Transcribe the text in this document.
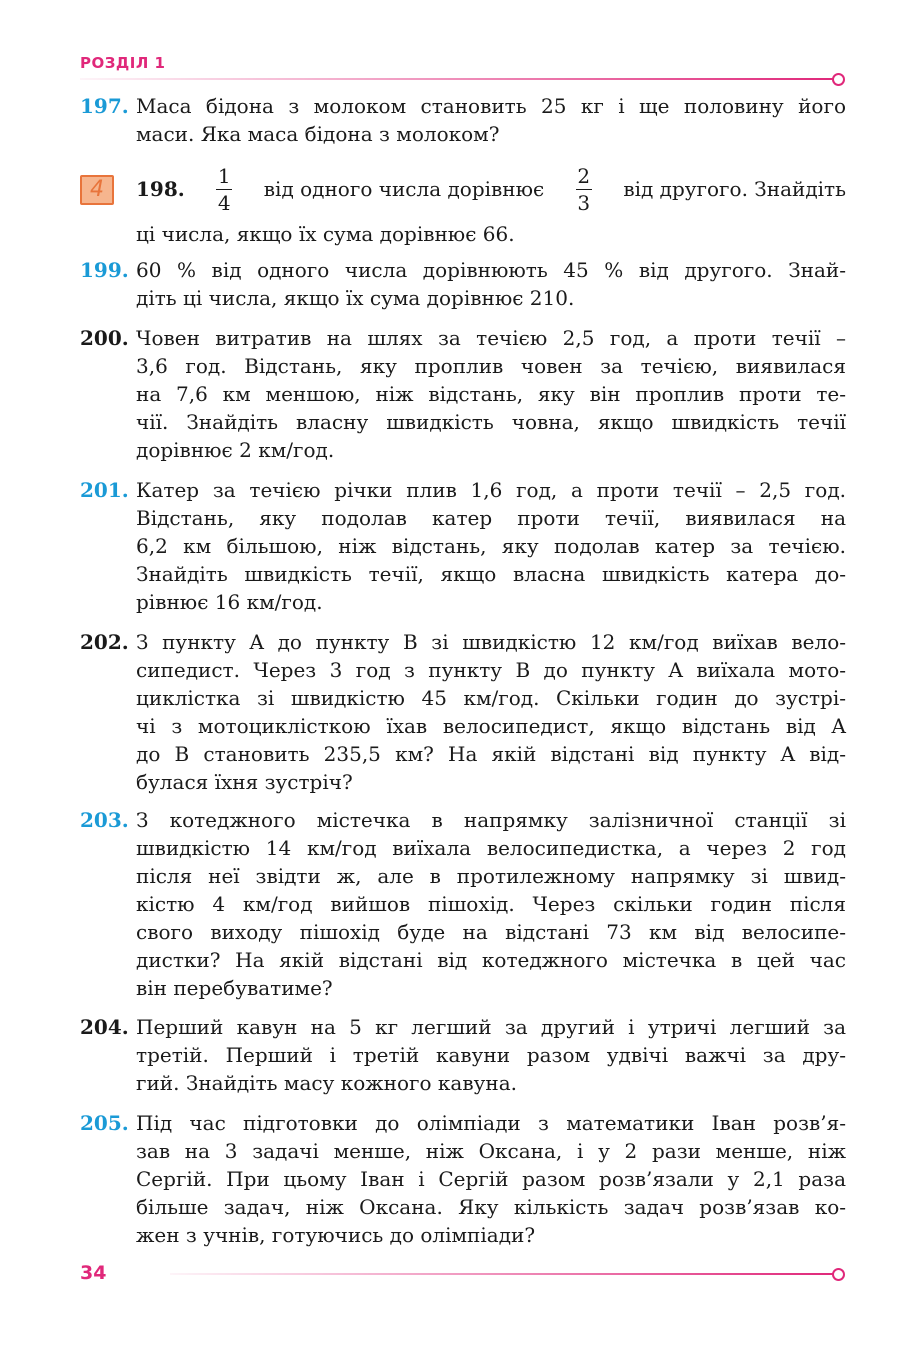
РОЗДІЛ 1
197. Маса бідона з молоком становить 25 кг і ще половину його
маси. Яка маса бідона з молоком?
4	198. $\frac{1}{4}$ від одного числа дорівнює $\frac{2}{3}$ від другого. Знайдіть
ці числа, якщо їх сума дорівнює 66.
199. 60 % від одного числа дорівнюють 45 % від другого. Знай-
діть ці числа, якщо їх сума дорівнює 210.
200. Човен витратив на шлях за течією 2,5 год, а проти течії –
3,6 год. Відстань, яку проплив човен за течією, виявилася
на 7,6 км меншою, ніж відстань, яку він проплив проти те-
чії. Знайдіть власну швидкість човна, якщо швидкість течії
дорівнює 2 км/год.
201. Катер за течією річки плив 1,6 год, а проти течії – 2,5 год.
Відстань, яку подолав катер проти течії, виявилася на
6,2 км більшою, ніж відстань, яку подолав катер за течією.
Знайдіть швидкість течії, якщо власна швидкість катера до-
рівнює 16 км/год.
202. З пункту A до пункту B зі швидкістю 12 км/год виїхав вело-
сипедист. Через 3 год з пункту B до пункту A виїхала мото-
циклістка зі швидкістю 45 км/год. Скільки годин до зустрі-
чі з мотоциклісткою їхав велосипедист, якщо відстань від A
до B становить 235,5 км? На якій відстані від пункту A від-
булася їхня зустріч?
203. З котеджного містечка в напрямку залізничної станції зі
швидкістю 14 км/год виїхала велосипедистка, а через 2 год
після неї звідти ж, але в протилежному напрямку зі швид-
кістю 4 км/год вийшов пішохід. Через скільки годин після
свого виходу пішохід буде на відстані 73 км від велосипе-
дистки? На якій відстані від котеджного містечка в цей час
він перебуватиме?
204. Перший кавун на 5 кг легший за другий і утричі легший за
третій. Перший і третій кавуни разом удвічі важчі за дру-
гий. Знайдіть масу кожного кавуна.
205. Під час підготовки до олімпіади з математики Іван розв’я-
зав на 3 задачі менше, ніж Оксана, і у 2 рази менше, ніж
Сергій. При цьому Іван і Сергій разом розв’язали у 2,1 раза
більше задач, ніж Оксана. Яку кількість задач розв’язав ко-
жен з учнів, готуючись до олімпіади?
34
